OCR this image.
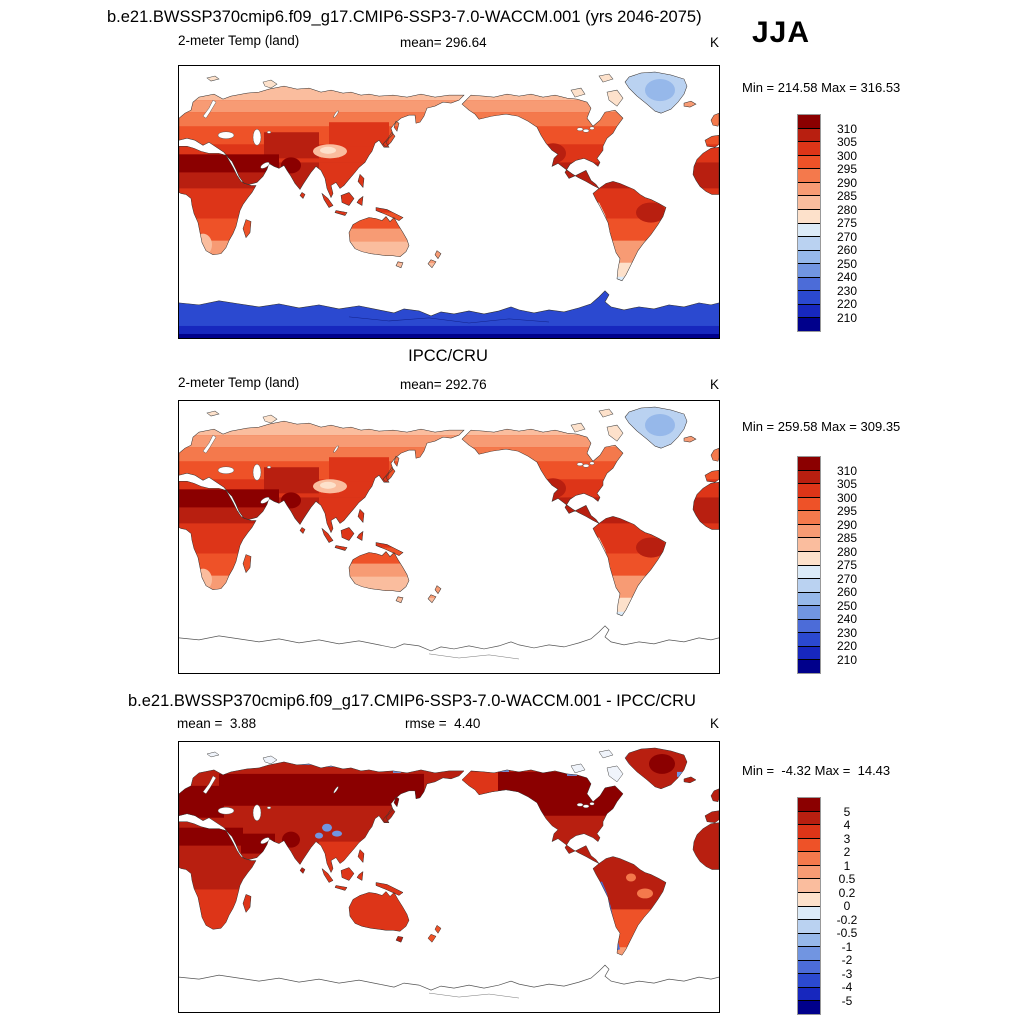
b.e21.BWSSP370cmip6.f09_g17.CMIP6-SSP3-7.0-WACCM.001 (yrs 2046-2075) JJA
2-meter Temp (land)	mean= 296.64	K
Min = 214.58 Max = 316.53
IPCC/CRU
2-meter Temp (land)	mean= 292.76	K
Min = 259.58 Max = 309.35
b.e21.BWSSP370cmip6.f09_g17.CMIP6-SSP3-7.0-WACCM.001 - IPCC/CRU
mean =  3.88	rmse =  4.40	K
Min =  -4.32 Max =  14.43
310
305
300
295
290
285
280
275
270
260
250
240
230
220
210
310
305
300
295
290
285
280
275
270
260
250
240
230
220
210
5
4
3
2
1
0.5
0.2
0
-0.2
-0.5
-1
-2
-3
-4
-5
